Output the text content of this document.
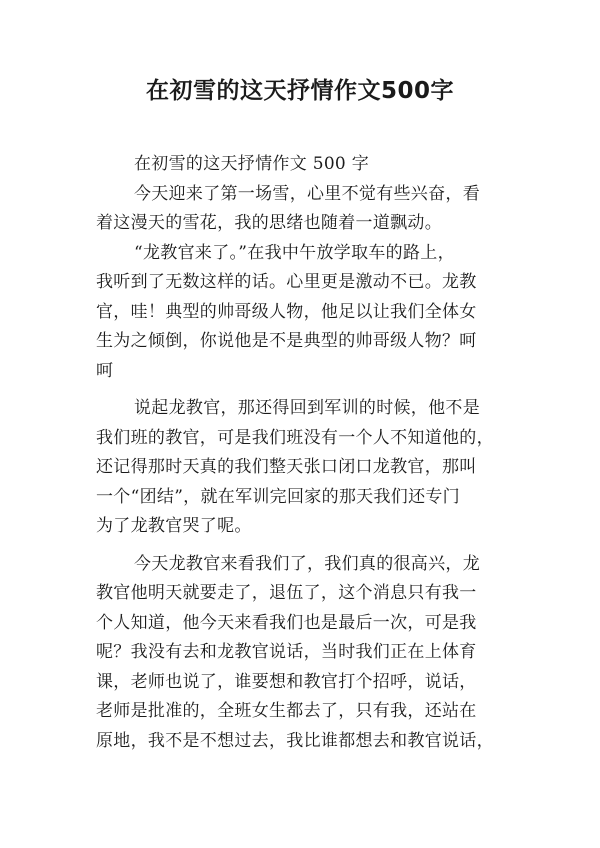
在初雪的这天抒情作文500字
在初雪的这天抒情作文 500 字
今天迎来了第一场雪，心里不觉有些兴奋，看
着这漫天的雪花，我的思绪也随着一道飘动。
“龙教官来了。”在我中午放学取车的路上，
我听到了无数这样的话。心里更是激动不已。龙教
官，哇！典型的帅哥级人物，他足以让我们全体女
生为之倾倒，你说他是不是典型的帅哥级人物？呵
呵
说起龙教官，那还得回到军训的时候，他不是
我们班的教官，可是我们班没有一个人不知道他的，
还记得那时天真的我们整天张口闭口龙教官，那叫
一个“团结”，就在军训完回家的那天我们还专门
为了龙教官哭了呢。
今天龙教官来看我们了，我们真的很高兴，龙
教官他明天就要走了，退伍了，这个消息只有我一
个人知道，他今天来看我们也是最后一次，可是我
呢？我没有去和龙教官说话，当时我们正在上体育
课，老师也说了，谁要想和教官打个招呼，说话，
老师是批准的，全班女生都去了，只有我，还站在
原地，我不是不想过去，我比谁都想去和教官说话，
